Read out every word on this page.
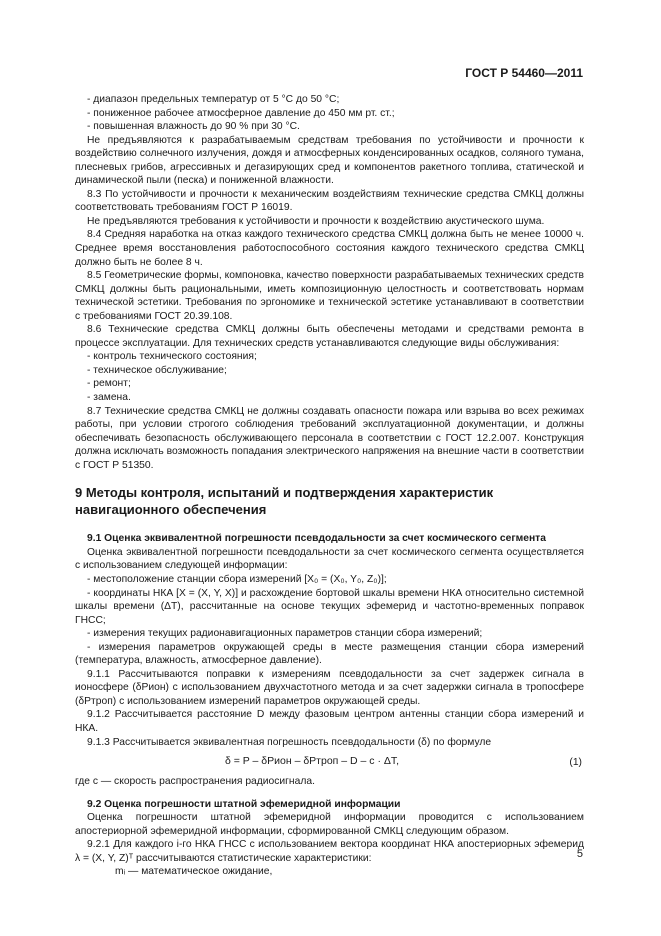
ГОСТ Р 54460—2011

- диапазон предельных температур от 5 °С до 50 °С;

- пониженное рабочее атмосферное давление до 450 мм рт. ст.;

- повышенная влажность до 90 % при 30 °С.

Не предъявляются к разрабатываемым средствам требования по устойчивости и прочности к воздействию солнечного излучения, дождя и атмосферных конденсированных осадков, соляного тумана, плесневых грибов, агрессивных и дегазирующих сред и компонентов ракетного топлива, статической и динамической пыли (песка) и пониженной влажности.

8.3 По устойчивости и прочности к механическим воздействиям технические средства СМКЦ должны соответствовать требованиям ГОСТ Р 16019.

Не предъявляются требования к устойчивости и прочности к воздействию акустического шума.

8.4 Средняя наработка на отказ каждого технического средства СМКЦ должна быть не менее 10000 ч. Среднее время восстановления работоспособного состояния каждого технического средства СМКЦ должно быть не более 8 ч.

8.5 Геометрические формы, компоновка, качество поверхности разрабатываемых технических средств СМКЦ должны быть рациональными, иметь композиционную целостность и соответствовать нормам технической эстетики. Требования по эргономике и технической эстетике устанавливают в соответствии с требованиями ГОСТ 20.39.108.

8.6 Технические средства СМКЦ должны быть обеспечены методами и средствами ремонта в процессе эксплуатации. Для технических средств устанавливаются следующие виды обслуживания:

- контроль технического состояния;

- техническое обслуживание;

- ремонт;

- замена.

8.7 Технические средства СМКЦ не должны создавать опасности пожара или взрыва во всех режимах работы, при условии строгого соблюдения требований эксплуатационной документации, и должны обеспечивать безопасность обслуживающего персонала в соответствии с ГОСТ 12.2.007. Конструкция должна исключать возможность попадания электрического напряжения на внешние части в соответствии с ГОСТ Р 51350.

9 Методы контроля, испытаний и подтверждения характеристик навигационного обеспечения

9.1 Оценка эквивалентной погрешности псевдодальности за счет космического сегмента

Оценка эквивалентной погрешности псевдодальности за счет космического сегмента осуществляется с использованием следующей информации:

- местоположение станции сбора измерений [X₀ = (X₀, Y₀, Z₀)];

- координаты НКА [X = (X, Y, X)] и расхождение бортовой шкалы времени НКА относительно системной шкалы времени (ΔT), рассчитанные на основе текущих эфемерид и частотно-временных поправок ГНСС;

- измерения текущих радионавигационных параметров станции сбора измерений;

- измерения параметров окружающей среды в месте размещения станции сбора измерений (температура, влажность, атмосферное давление).

9.1.1 Рассчитываются поправки к измерениям псевдодальности за счет задержек сигнала в ионосфере (δPион) с использованием двухчастотного метода и за счет задержки сигнала в тропосфере (δPтроп) с использованием измерений параметров окружающей среды.

9.1.2 Рассчитывается расстояние D между фазовым центром антенны станции сбора измерений и НКА.

9.1.3 Рассчитывается эквивалентная погрешность псевдодальности (δ) по формуле

δ = P – δPион – δPтроп – D – c · ΔT,	(1)

где с — скорость распространения радиосигнала.

9.2 Оценка погрешности штатной эфемеридной информации

Оценка погрешности штатной эфемеридной информации проводится с использованием апостериорной эфемеридной информации, сформированной СМКЦ следующим образом.

9.2.1 Для каждого i-го НКА ГНСС с использованием вектора координат НКА апостериорных эфемерид λ = (X, Y, Z)ᵀ рассчитываются статистические характеристики:

mᵢ — математическое ожидание,

5
